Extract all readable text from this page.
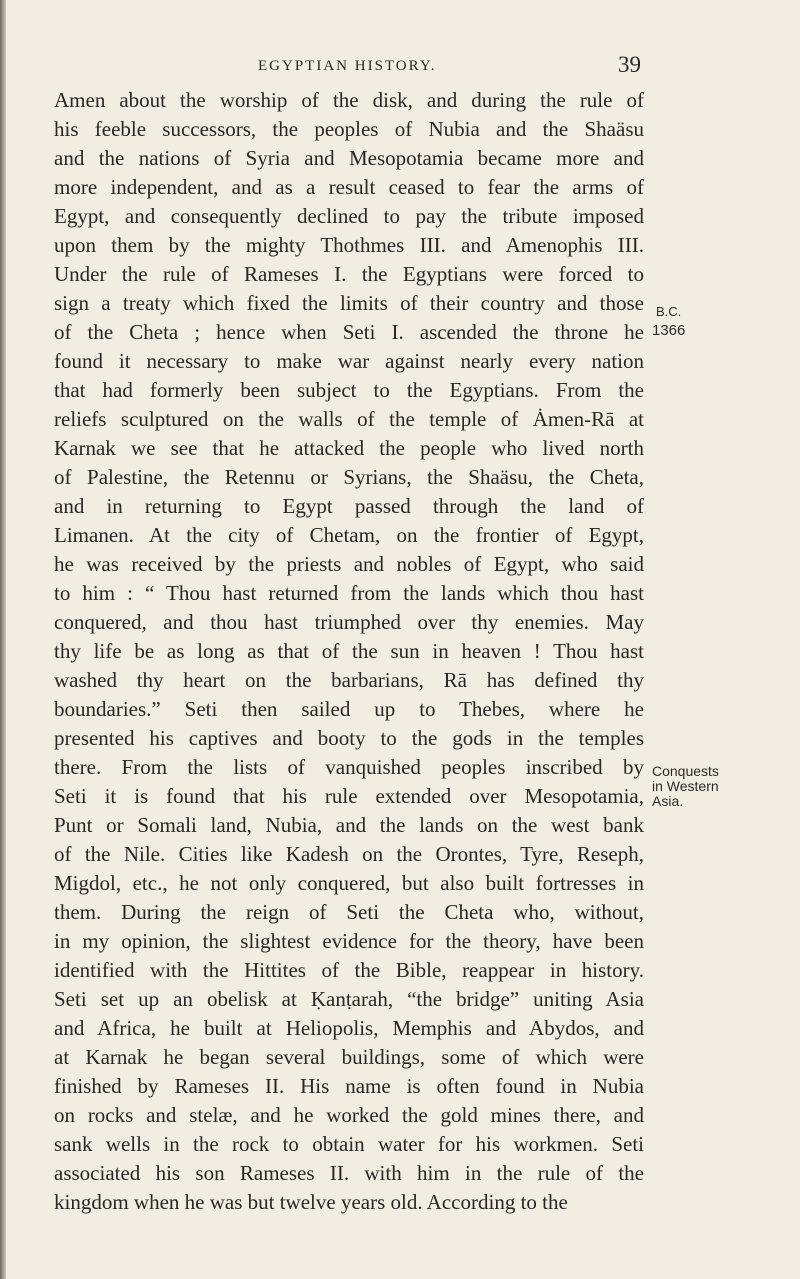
EGYPTIAN HISTORY.	39
Amen about the worship of the disk, and during the rule of
his feeble successors, the peoples of Nubia and the Shaäsu
and the nations of Syria and Mesopotamia became more and
more independent, and as a result ceased to fear the arms of
Egypt, and consequently declined to pay the tribute imposed
upon them by the mighty Thothmes III. and Amenophis III.
Under the rule of Rameses I. the Egyptians were forced to
sign a treaty which fixed the limits of their country and those
of the Cheta ; hence when Seti I. ascended the throne he
found it necessary to make war against nearly every nation
that had formerly been subject to the Egyptians. From the
reliefs sculptured on the walls of the temple of Ȧmen-Rā at
Karnak we see that he attacked the people who lived north
of Palestine, the Retennu or Syrians, the Shaäsu, the Cheta,
and in returning to Egypt passed through the land of
Limanen. At the city of Chetam, on the frontier of Egypt,
he was received by the priests and nobles of Egypt, who said
to him : “ Thou hast returned from the lands which thou hast
conquered, and thou hast triumphed over thy enemies. May
thy life be as long as that of the sun in heaven ! Thou hast
washed thy heart on the barbarians, Rā has defined thy
boundaries.” Seti then sailed up to Thebes, where he
presented his captives and booty to the gods in the temples
there. From the lists of vanquished peoples inscribed by
Seti it is found that his rule extended over Mesopotamia,
Punt or Somali land, Nubia, and the lands on the west bank
of the Nile. Cities like Kadesh on the Orontes, Tyre, Reseph,
Migdol, etc., he not only conquered, but also built fortresses in
them. During the reign of Seti the Cheta who, without,
in my opinion, the slightest evidence for the theory, have been
identified with the Hittites of the Bible, reappear in history.
Seti set up an obelisk at Ḳanṭarah, “the bridge” uniting Asia
and Africa, he built at Heliopolis, Memphis and Abydos, and
at Karnak he began several buildings, some of which were
finished by Rameses II. His name is often found in Nubia
on rocks and stelæ, and he worked the gold mines there, and
sank wells in the rock to obtain water for his workmen. Seti
associated his son Rameses II. with him in the rule of the
kingdom when he was but twelve years old. According to the
B.C.
1366
Conquests
in Western
Asia.
